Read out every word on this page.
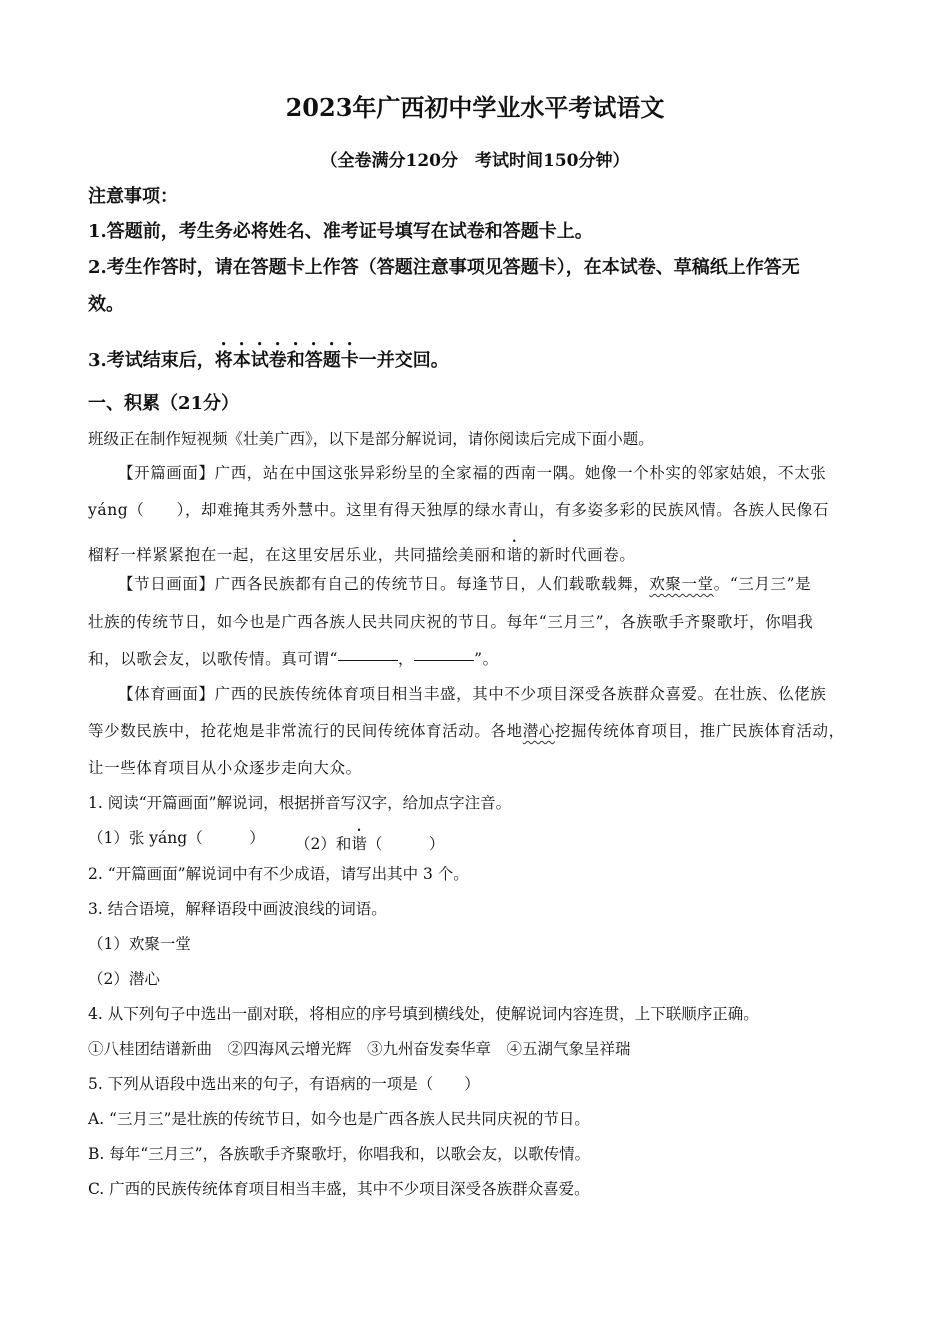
2023年广西初中学业水平考试语文
（全卷满分120分　考试时间150分钟）
注意事项：
1.答题前，考生务必将姓名、准考证号填写在试卷和答题卡上。
2.考生作答时，请在答题卡上作答（答题注意事项见答题卡），在本试卷、草稿纸上作答无
效。
3.考试结束后，将本试卷和答题卡一并交回。
一、积累（21分）
班级正在制作短视频《壮美广西》，以下是部分解说词，请你阅读后完成下面小题。
【开篇画面】广西，站在中国这张异彩纷呈的全家福的西南一隅。她像一个朴实的邻家姑娘，不太张
yáng（　　），却难掩其秀外慧中。这里有得天独厚的绿水青山，有多姿多彩的民族风情。各族人民像石
榴籽一样紧紧抱在一起，在这里安居乐业，共同描绘美丽和谐的新时代画卷。
【节日画面】广西各民族都有自己的传统节日。每逢节日，人们载歌载舞，欢聚一堂。“三月三”是
壮族的传统节日，如今也是广西各族人民共同庆祝的节日。每年“三月三”，各族歌手齐聚歌圩，你唱我
和，以歌会友，以歌传情。真可谓“	，	”。
【体育画面】广西的民族传统体育项目相当丰盛，其中不少项目深受各族群众喜爱。在壮族、仫佬族
等少数民族中，抢花炮是非常流行的民间传统体育活动。各地潜心挖掘传统体育项目，推广民族体育活动，
让一些体育项目从小众逐步走向大众。
1. 阅读“开篇画面”解说词，根据拼音写汉字，给加点字注音。
（1）张 yáng（　　　） （2）和谐（　　　）
2. “开篇画面”解说词中有不少成语，请写出其中 3 个。
3. 结合语境，解释语段中画波浪线的词语。
（1）欢聚一堂
（2）潜心
4. 从下列句子中选出一副对联，将相应的序号填到横线处，使解说词内容连贯，上下联顺序正确。
①八桂团结谱新曲　②四海风云增光辉　③九州奋发奏华章　④五湖气象呈祥瑞
5. 下列从语段中选出来的句子，有语病的一项是（　　）
A. “三月三”是壮族的传统节日，如今也是广西各族人民共同庆祝的节日。
B. 每年“三月三”，各族歌手齐聚歌圩，你唱我和，以歌会友，以歌传情。
C. 广西的民族传统体育项目相当丰盛，其中不少项目深受各族群众喜爱。
